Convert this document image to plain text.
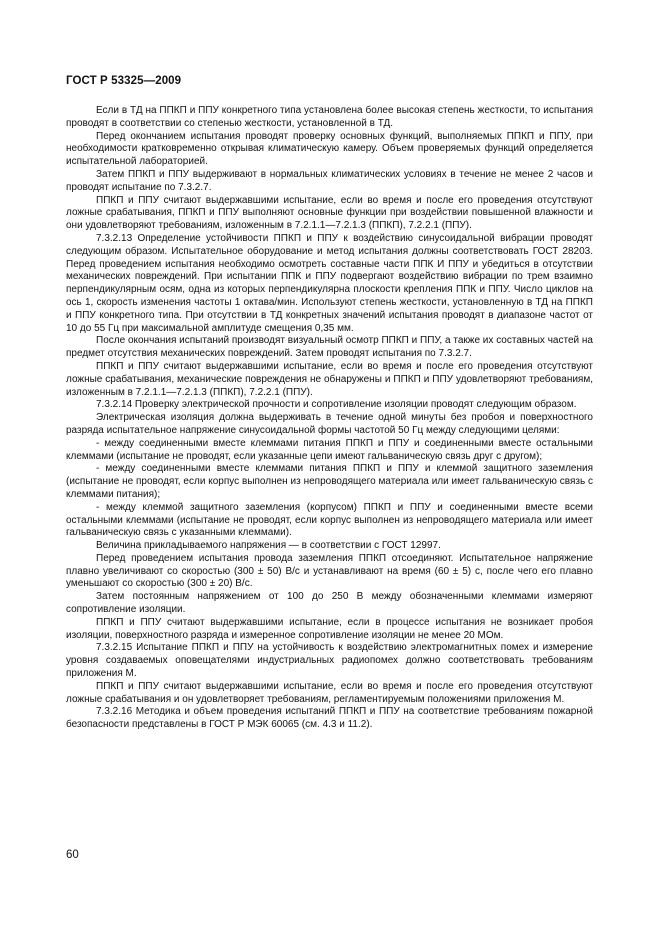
ГОСТ Р 53325—2009

Если в ТД на ППКП и ППУ конкретного типа установлена более высокая степень жесткости, то испытания проводят в соответствии со степенью жесткости, установленной в ТД.

Перед окончанием испытания проводят проверку основных функций, выполняемых ППКП и ППУ, при необходимости кратковременно открывая климатическую камеру. Объем проверяемых функций определяется испытательной лабораторией.

Затем ППКП и ППУ выдерживают в нормальных климатических условиях в течение не менее 2 часов и проводят испытание по 7.3.2.7.

ППКП и ППУ считают выдержавшими испытание, если во время и после его проведения отсутствуют ложные срабатывания, ППКП и ППУ выполняют основные функции при воздействии повышенной влажности и они удовлетворяют требованиям, изложенным в 7.2.1.1—7.2.1.3 (ППКП), 7.2.2.1 (ППУ).

7.3.2.13 Определение устойчивости ППКП и ППУ к воздействию синусоидальной вибрации проводят следующим образом. Испытательное оборудование и метод испытания должны соответствовать ГОСТ 28203. Перед проведением испытания необходимо осмотреть составные части ППК И ППУ и убедиться в отсутствии механических повреждений. При испытании ППК и ППУ подвергают воздействию вибрации по трем взаимно перпендикулярным осям, одна из которых перпендикулярна плоскости крепления ППК и ППУ. Число циклов на ось 1, скорость изменения частоты 1 октава/мин. Используют степень жесткости, установленную в ТД на ППКП и ППУ конкретного типа. При отсутствии в ТД конкретных значений испытания проводят в диапазоне частот от 10 до 55 Гц при максимальной амплитуде смещения 0,35 мм.

После окончания испытаний производят визуальный осмотр ППКП и ППУ, а также их составных частей на предмет отсутствия механических повреждений. Затем проводят испытания по 7.3.2.7.

ППКП и ППУ считают выдержавшими испытание, если во время и после его проведения отсутствуют ложные срабатывания, механические повреждения не обнаружены и ППКП и ППУ удовлетворяют требованиям, изложенным в 7.2.1.1—7.2.1.3 (ППКП), 7.2.2.1 (ППУ).

7.3.2.14 Проверку электрической прочности и сопротивление изоляции проводят следующим образом.

Электрическая изоляция должна выдерживать в течение одной минуты без пробоя и поверхностного разряда испытательное напряжение синусоидальной формы частотой 50 Гц между следующими целями:

- между соединенными вместе клеммами питания ППКП и ППУ и соединенными вместе остальными клеммами (испытание не проводят, если указанные цепи имеют гальваническую связь друг с другом);

- между соединенными вместе клеммами питания ППКП и ППУ и клеммой защитного заземления (испытание не проводят, если корпус выполнен из непроводящего материала или имеет гальваническую связь с клеммами питания);

- между клеммой защитного заземления (корпусом) ППКП и ППУ и соединенными вместе всеми остальными клеммами (испытание не проводят, если корпус выполнен из непроводящего материала или имеет гальваническую связь с указанными клеммами).

Величина прикладываемого напряжения — в соответствии с ГОСТ 12997.

Перед проведением испытания провода заземления ППКП отсоединяют. Испытательное напряжение плавно увеличивают со скоростью (300 ± 50) В/с и устанавливают на время (60 ± 5) с, после чего его плавно уменьшают со скоростью (300 ± 20) В/с.

Затем постоянным напряжением от 100 до 250 В между обозначенными клеммами измеряют сопротивление изоляции.

ППКП и ППУ считают выдержавшими испытание, если в процессе испытания не возникает пробоя изоляции, поверхностного разряда и измеренное сопротивление изоляции не менее 20 МОм.

7.3.2.15 Испытание ППКП и ППУ на устойчивость к воздействию электромагнитных помех и измерение уровня создаваемых оповещателями индустриальных радиопомех должно соответствовать требованиям приложения М.

ППКП и ППУ считают выдержавшими испытание, если во время и после его проведения отсутствуют ложные срабатывания и он удовлетворяет требованиям, регламентируемым положениями приложения М.

7.3.2.16 Методика и объем проведения испытаний ППКП и ППУ на соответствие требованиям пожарной безопасности представлены в ГОСТ Р МЭК 60065 (см. 4.3 и 11.2).

60
